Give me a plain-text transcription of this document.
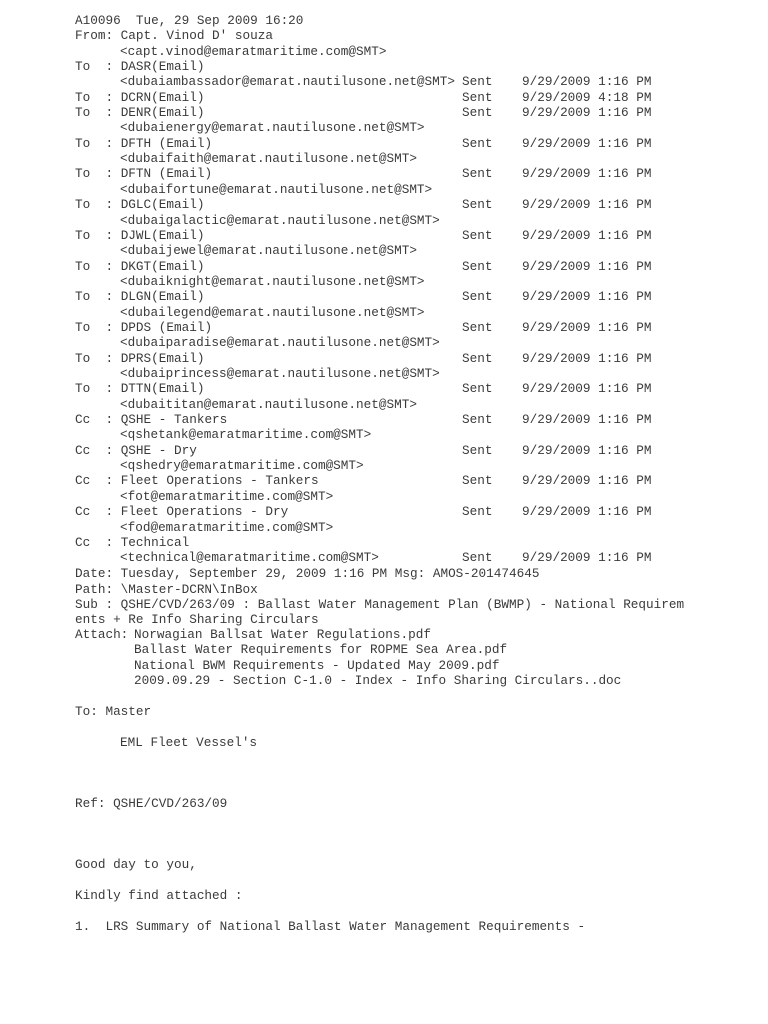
A10096  Tue, 29 Sep 2009 16:20
From: Capt. Vinod D' souza
<capt.vinod@emaratmaritime.com@SMT>
To  : DASR(Email)
<dubaiambassador@emarat.nautilusone.net@SMT> Sent 9/29/2009 1:16 PM
To  : DCRN(Email)	Sent 9/29/2009 4:18 PM
To  : DENR(Email)
<dubaienergy@emarat.nautilusone.net@SMT>
Sent 9/29/2009 1:16 PM
To  : DFTH (Email)
<dubaifaith@emarat.nautilusone.net@SMT>
Sent 9/29/2009 1:16 PM
To  : DFTN (Email)
<dubaifortune@emarat.nautilusone.net@SMT>
Sent 9/29/2009 1:16 PM
To  : DGLC(Email)
<dubaigalactic@emarat.nautilusone.net@SMT>
Sent 9/29/2009 1:16 PM
To  : DJWL(Email)
<dubaijewel@emarat.nautilusone.net@SMT>
Sent 9/29/2009 1:16 PM
To  : DKGT(Email)
<dubaiknight@emarat.nautilusone.net@SMT>
Sent 9/29/2009 1:16 PM
To  : DLGN(Email)
<dubailegend@emarat.nautilusone.net@SMT>
Sent 9/29/2009 1:16 PM
To  : DPDS (Email)
<dubaiparadise@emarat.nautilusone.net@SMT>
Sent 9/29/2009 1:16 PM
To  : DPRS(Email)
<dubaiprincess@emarat.nautilusone.net@SMT>
Sent 9/29/2009 1:16 PM
To  : DTTN(Email)
<dubaititan@emarat.nautilusone.net@SMT>
Sent 9/29/2009 1:16 PM
Cc  : QSHE - Tankers
<qshetank@emaratmaritime.com@SMT>
Sent 9/29/2009 1:16 PM
Cc  : QSHE - Dry
<qshedry@emaratmaritime.com@SMT>
Sent 9/29/2009 1:16 PM
Cc  : Fleet Operations - Tankers
<fot@emaratmaritime.com@SMT>
Sent 9/29/2009 1:16 PM
Cc  : Fleet Operations - Dry
<fod@emaratmaritime.com@SMT>
Sent 9/29/2009 1:16 PM
Cc  : Technical
<technical@emaratmaritime.com@SMT>	Sent 9/29/2009 1:16 PM
Date: Tuesday, September 29, 2009 1:16 PM Msg: AMOS-201474645
Path: \Master-DCRN\InBox
Sub : QSHE/CVD/263/09 : Ballast Water Management Plan (BWMP) - National Requirem
ents + Re Info Sharing Circulars
Attach:
Norwagian Ballsat Water Regulations.pdf
Ballast Water Requirements for ROPME Sea Area.pdf
National BWM Requirements - Updated May 2009.pdf
2009.09.29 - Section C-1.0 - Index - Info Sharing Circulars..doc
To: Master
EML Fleet Vessel's
Ref: QSHE/CVD/263/09
Good day to you,
Kindly find attached :
1.  LRS Summary of National Ballast Water Management Requirements -
